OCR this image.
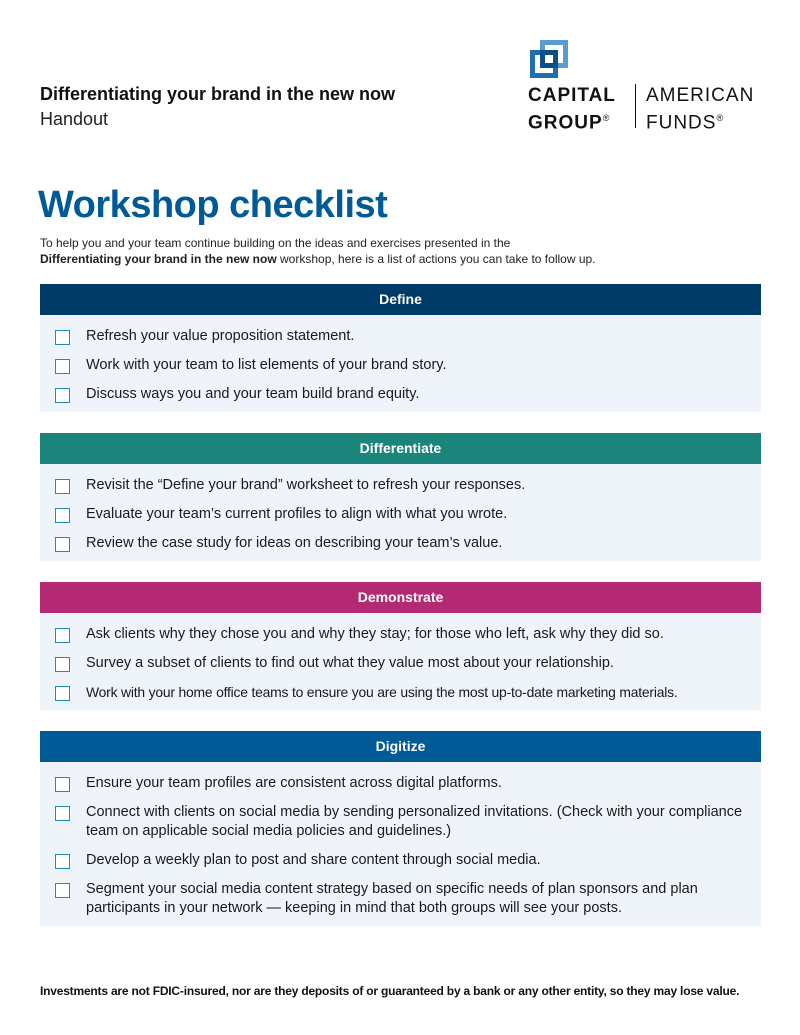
Differentiating your brand in the new now
Handout
CAPITAL
GROUP®
AMERICAN
FUNDS®
Workshop checklist
To help you and your team continue building on the ideas and exercises presented in the
Differentiating your brand in the new now workshop, here is a list of actions you can take to follow up.
Define
Refresh your value proposition statement.
Work with your team to list elements of your brand story.
Discuss ways you and your team build brand equity.
Differentiate
Revisit the “Define your brand” worksheet to refresh your responses.
Evaluate your team’s current profiles to align with what you wrote.
Review the case study for ideas on describing your team’s value.
Demonstrate
Ask clients why they chose you and why they stay; for those who left, ask why they did so.
Survey a subset of clients to find out what they value most about your relationship.
Work with your home office teams to ensure you are using the most up-to-date marketing materials.
Digitize
Ensure your team profiles are consistent across digital platforms.
Connect with clients on social media by sending personalized invitations. (Check with your compliance team on applicable social media policies and guidelines.)
Develop a weekly plan to post and share content through social media.
Segment your social media content strategy based on specific needs of plan sponsors and plan participants in your network — keeping in mind that both groups will see your posts.
Investments are not FDIC-insured, nor are they deposits of or guaranteed by a bank or any other entity, so they may lose value.
